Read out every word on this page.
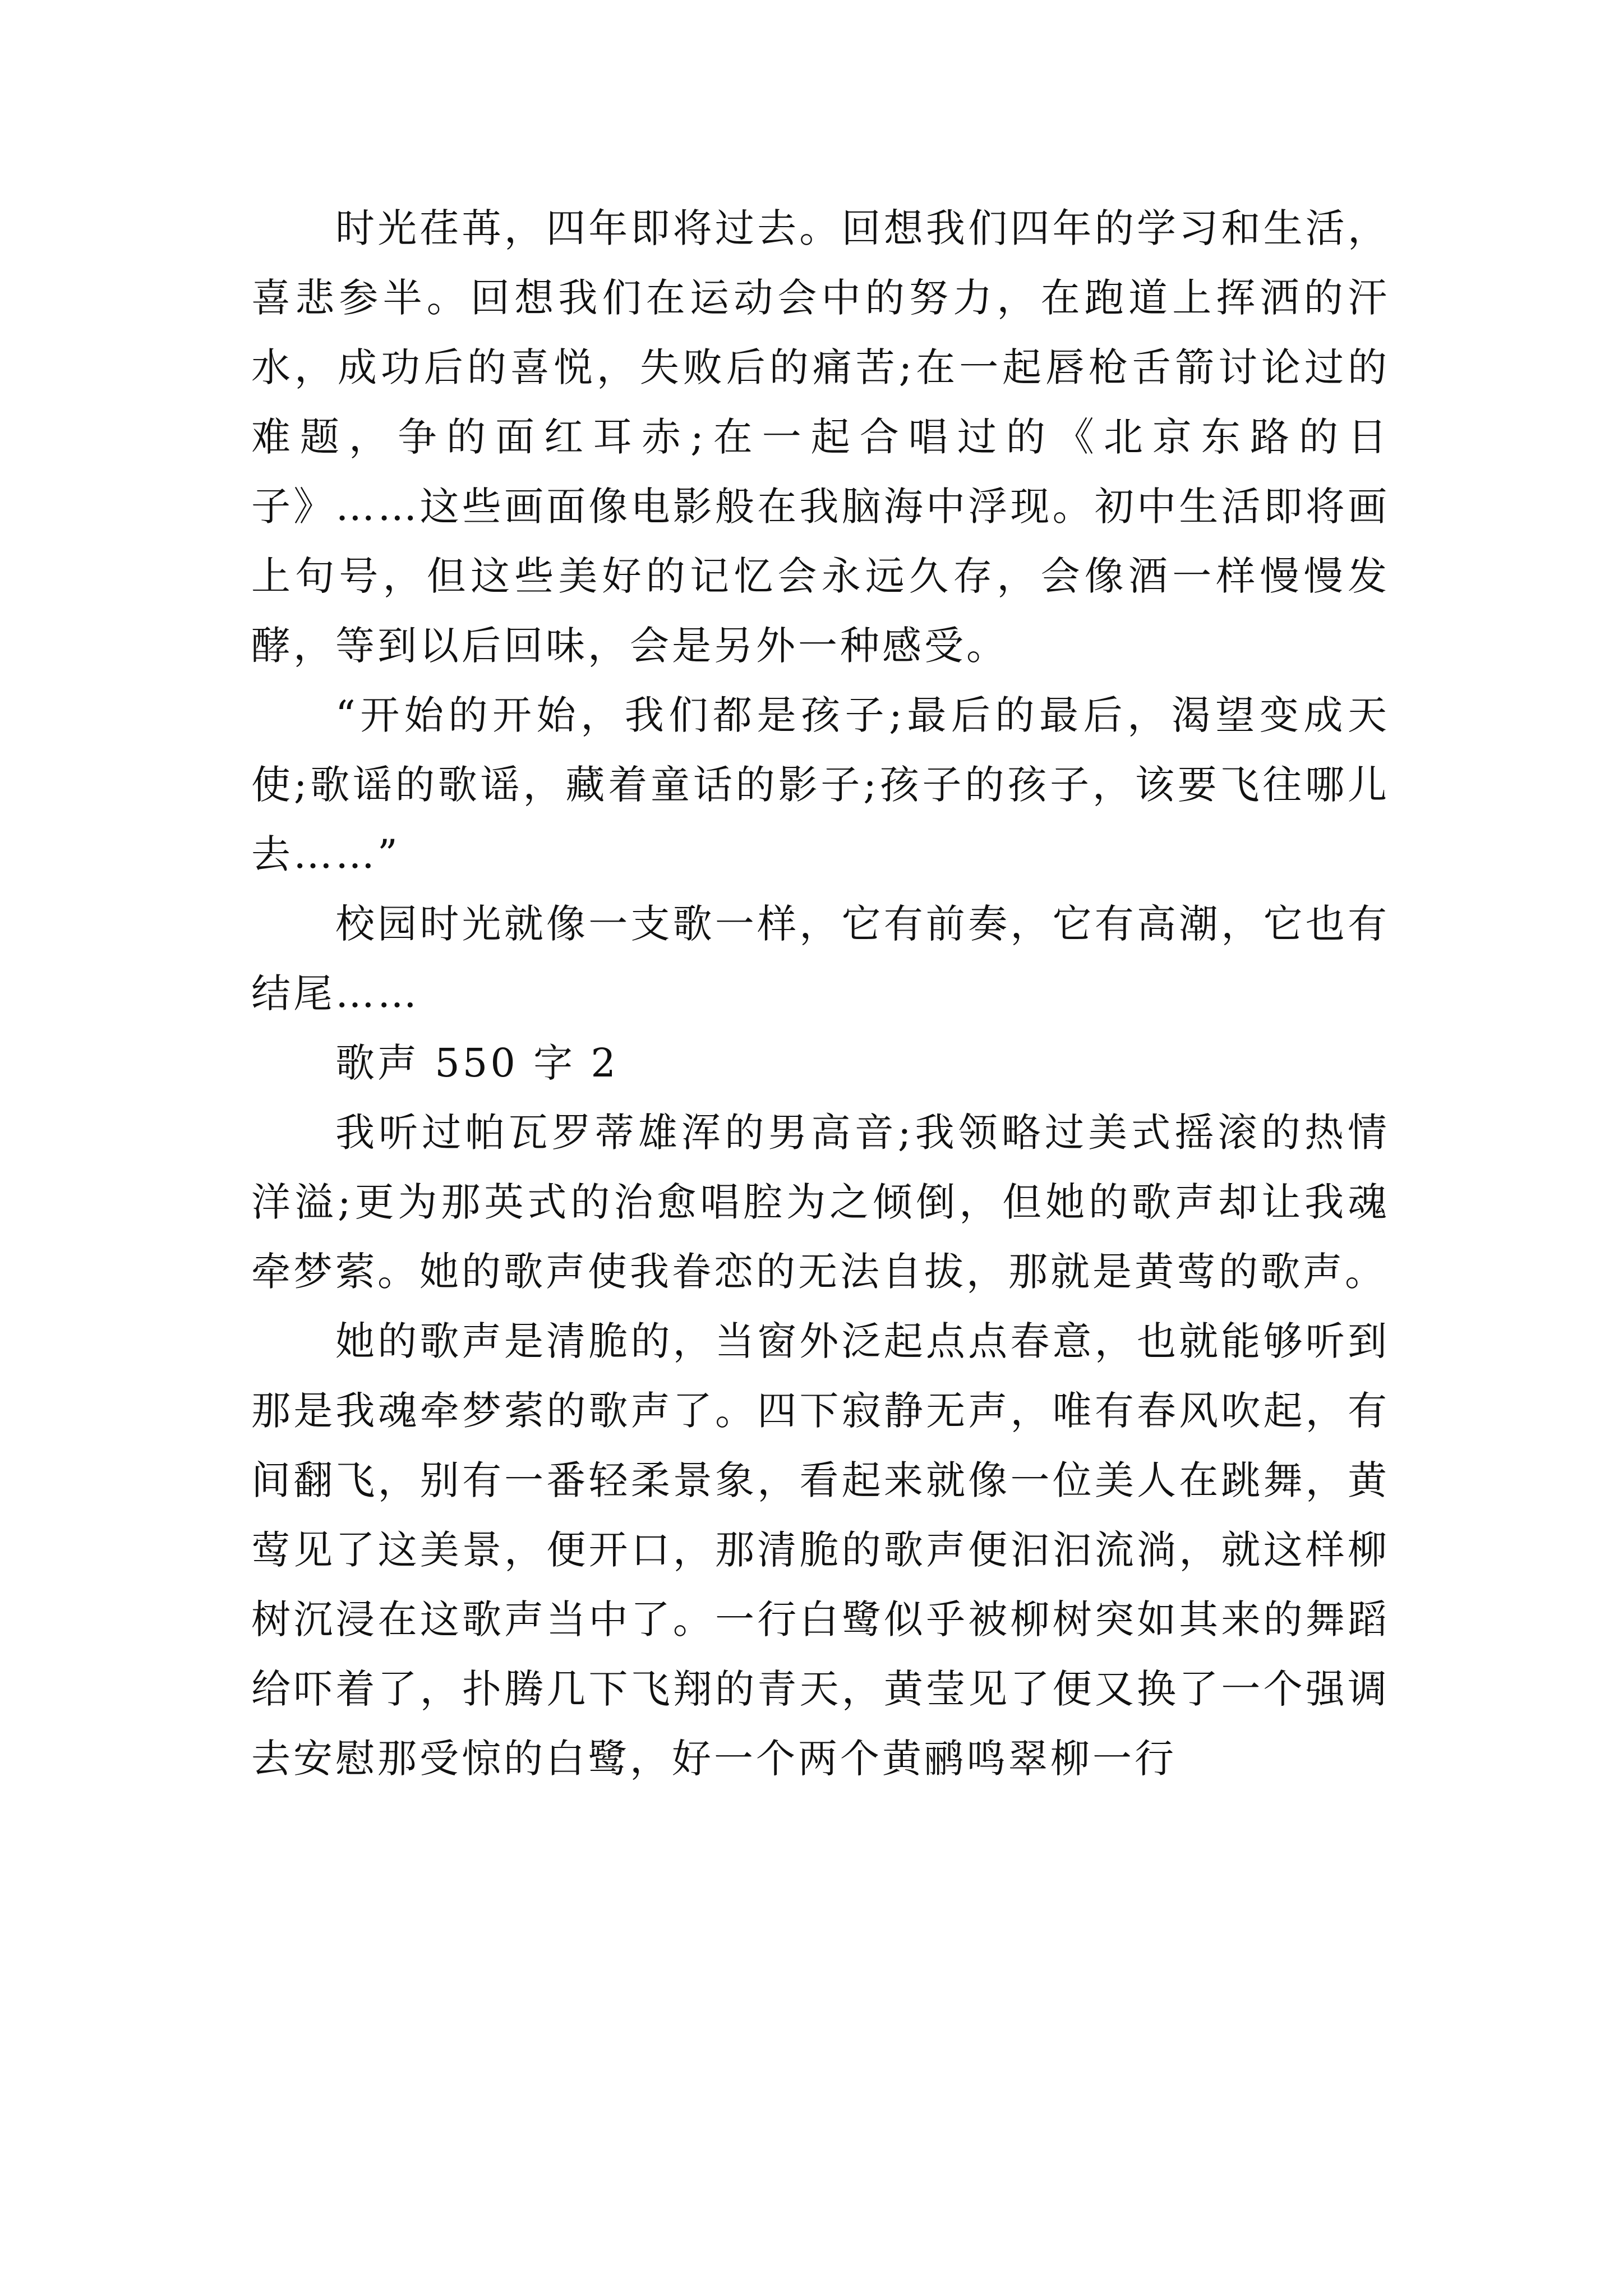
时光荏苒，四年即将过去。回想我们四年的学习和生活，喜悲参半。回想我们在运动会中的努力，在跑道上挥洒的汗水，成功后的喜悦，失败后的痛苦;在一起唇枪舌箭讨论过的难题，争的面红耳赤;在一起合唱过的《北京东路的日子》……这些画面像电影般在我脑海中浮现。初中生活即将画上句号，但这些美好的记忆会永远久存，会像酒一样慢慢发酵，等到以后回味，会是另外一种感受。

“开始的开始，我们都是孩子;最后的最后，渴望变成天使;歌谣的歌谣，藏着童话的影子;孩子的孩子，该要飞往哪儿去……”

校园时光就像一支歌一样，它有前奏，它有高潮，它也有结尾……

歌声 550 字 2

我听过帕瓦罗蒂雄浑的男高音;我领略过美式摇滚的热情洋溢;更为那英式的治愈唱腔为之倾倒，但她的歌声却让我魂牵梦萦。她的歌声使我眷恋的无法自拔，那就是黄莺的歌声。

她的歌声是清脆的，当窗外泛起点点春意，也就能够听到那是我魂牵梦萦的歌声了。四下寂静无声，唯有春风吹起，有间翻飞，别有一番轻柔景象，看起来就像一位美人在跳舞，黄莺见了这美景，便开口，那清脆的歌声便汩汩流淌，就这样柳树沉浸在这歌声当中了。一行白鹭似乎被柳树突如其来的舞蹈给吓着了，扑腾几下飞翔的青天，黄莹见了便又换了一个强调去安慰那受惊的白鹭，好一个两个黄鹂鸣翠柳一行
